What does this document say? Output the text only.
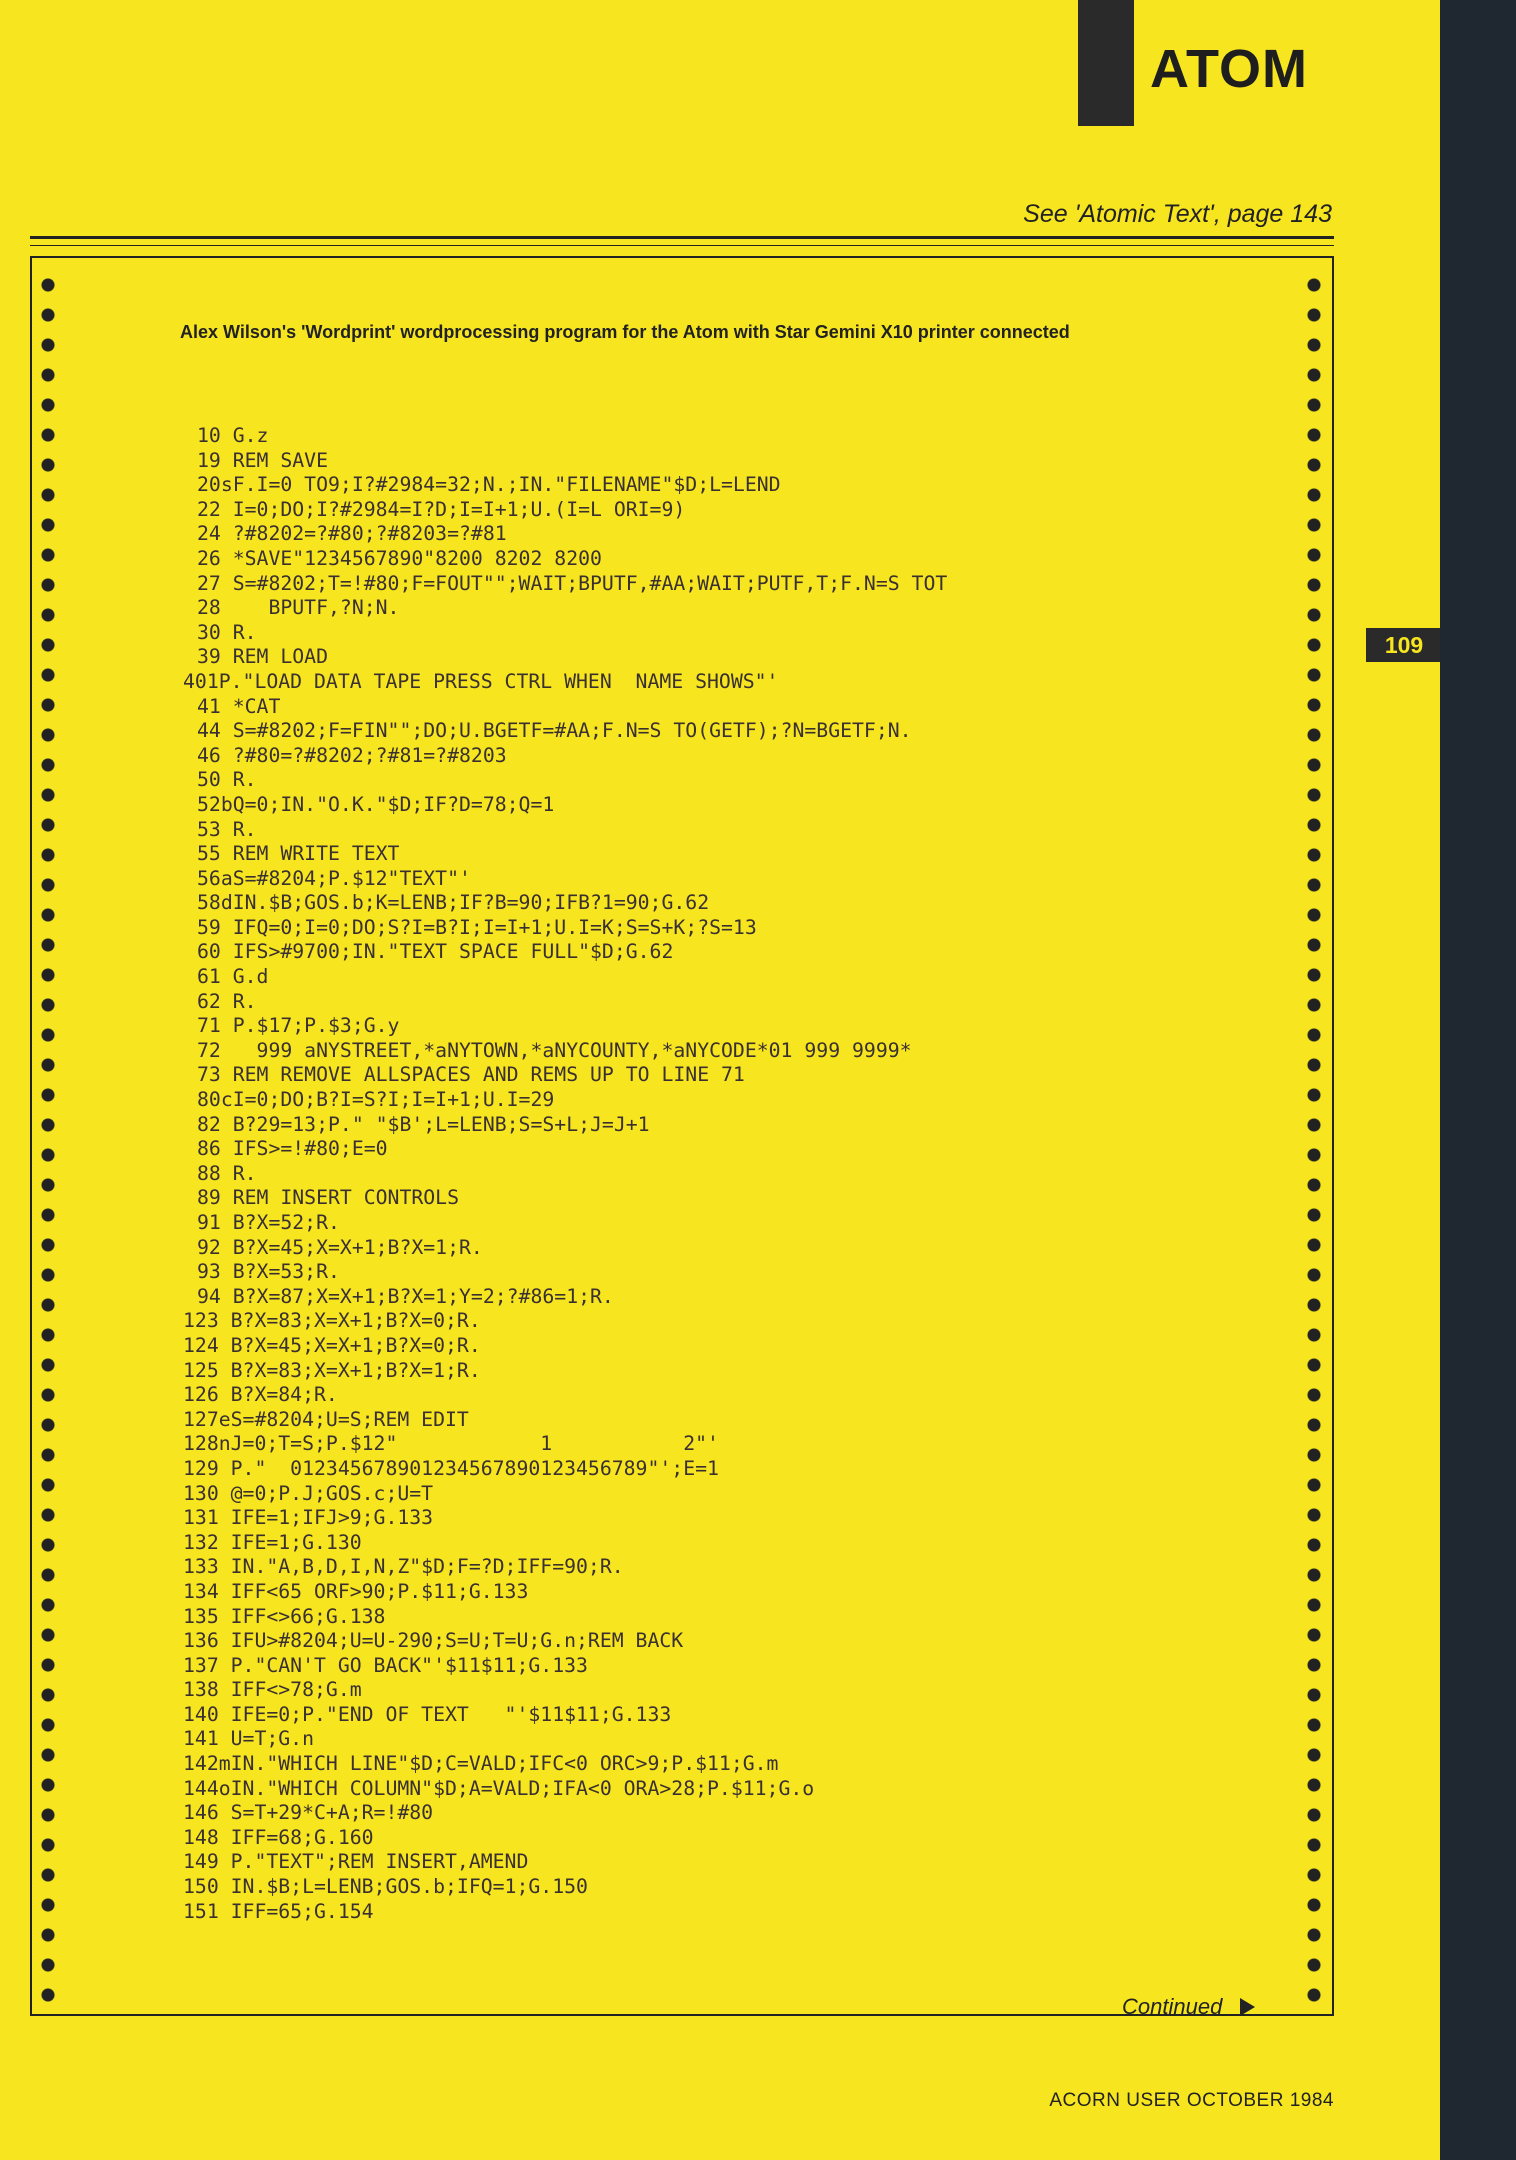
ATOM
109
See 'Atomic Text', page 143
Alex Wilson's 'Wordprint' wordprocessing program for the Atom with Star Gemini X10 printer connected
10 G.z
19 REM SAVE
20sF.I=0 TO9;I?#2984=32;N.;IN."FILENAME"$D;L=LEND
22 I=0;DO;I?#2984=I?D;I=I+1;U.(I=L ORI=9)
24 ?#8202=?#80;?#8203=?#81
26 *SAVE"1234567890"8200 8202 8200
27 S=#8202;T=!#80;F=FOUT"";WAIT;BPUTF,#AA;WAIT;PUTF,T;F.N=S TOT
28    BPUTF,?N;N.
30 R.
39 REM LOAD
401P."LOAD DATA TAPE PRESS CTRL WHEN  NAME SHOWS"'
41 *CAT
44 S=#8202;F=FIN"";DO;U.BGETF=#AA;F.N=S TO(GETF);?N=BGETF;N.
46 ?#80=?#8202;?#81=?#8203
50 R.
52bQ=0;IN."O.K."$D;IF?D=78;Q=1
53 R.
55 REM WRITE TEXT
56aS=#8204;P.$12"TEXT"'
58dIN.$B;GOS.b;K=LENB;IF?B=90;IFB?1=90;G.62
59 IFQ=0;I=0;DO;S?I=B?I;I=I+1;U.I=K;S=S+K;?S=13
60 IFS>#9700;IN."TEXT SPACE FULL"$D;G.62
61 G.d
62 R.
71 P.$17;P.$3;G.y
72   999 aNYSTREET,*aNYTOWN,*aNYCOUNTY,*aNYCODE*01 999 9999*
73 REM REMOVE ALLSPACES AND REMS UP TO LINE 71
80cI=0;DO;B?I=S?I;I=I+1;U.I=29
82 B?29=13;P." "$B';L=LENB;S=S+L;J=J+1
86 IFS>=!#80;E=0
88 R.
89 REM INSERT CONTROLS
91 B?X=52;R.
92 B?X=45;X=X+1;B?X=1;R.
93 B?X=53;R.
94 B?X=87;X=X+1;B?X=1;Y=2;?#86=1;R.
123 B?X=83;X=X+1;B?X=0;R.
124 B?X=45;X=X+1;B?X=0;R.
125 B?X=83;X=X+1;B?X=1;R.
126 B?X=84;R.
127eS=#8204;U=S;REM EDIT
128nJ=0;T=S;P.$12"            1           2"'
129 P."  012345678901234567890123456789"';E=1
130 @=0;P.J;GOS.c;U=T
131 IFE=1;IFJ>9;G.133
132 IFE=1;G.130
133 IN."A,B,D,I,N,Z"$D;F=?D;IFF=90;R.
134 IFF<65 ORF>90;P.$11;G.133
135 IFF<>66;G.138
136 IFU>#8204;U=U-290;S=U;T=U;G.n;REM BACK
137 P."CAN'T GO BACK"'$11$11;G.133
138 IFF<>78;G.m
140 IFE=0;P."END OF TEXT   "'$11$11;G.133
141 U=T;G.n
142mIN."WHICH LINE"$D;C=VALD;IFC<0 ORC>9;P.$11;G.m
144oIN."WHICH COLUMN"$D;A=VALD;IFA<0 ORA>28;P.$11;G.o
146 S=T+29*C+A;R=!#80
148 IFF=68;G.160
149 P."TEXT";REM INSERT,AMEND
150 IN.$B;L=LENB;GOS.b;IFQ=1;G.150
151 IFF=65;G.154
Continued
ACORN USER OCTOBER 1984
